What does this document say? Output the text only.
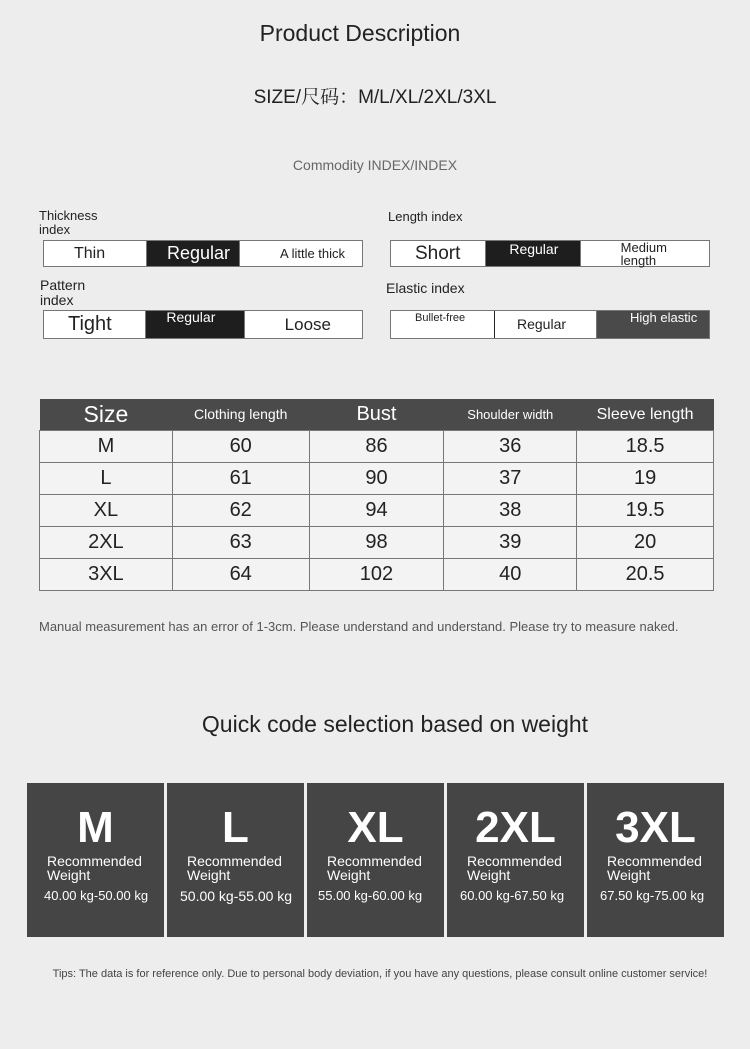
Product Description
SIZE/尺码：M/L/XL/2XL/3XL
Commodity INDEX/INDEX
Thickness index
Thin	Regular	A little thick
Length index
Short	Regular	Medium length
Pattern index
Tight	Regular	Loose
Elastic index
Bullet-free	Regular	High elastic
Size	Clothing length	Bust	Shoulder width	Sleeve length
M	60	86	36	18.5
L	61	90	37	19
XL	62	94	38	19.5
2XL	63	98	39	20
3XL	64	102	40	20.5
Manual measurement has an error of 1-3cm. Please understand and understand. Please try to measure naked.
Quick code selection based on weight
M
Recommended Weight
40.00 kg-50.00 kg
L
Recommended Weight
50.00 kg-55.00 kg
XL
Recommended Weight
55.00 kg-60.00 kg
2XL
Recommended Weight
60.00 kg-67.50 kg
3XL
Recommended Weight
67.50 kg-75.00 kg
Tips: The data is for reference only. Due to personal body deviation, if you have any questions, please consult online customer service!
